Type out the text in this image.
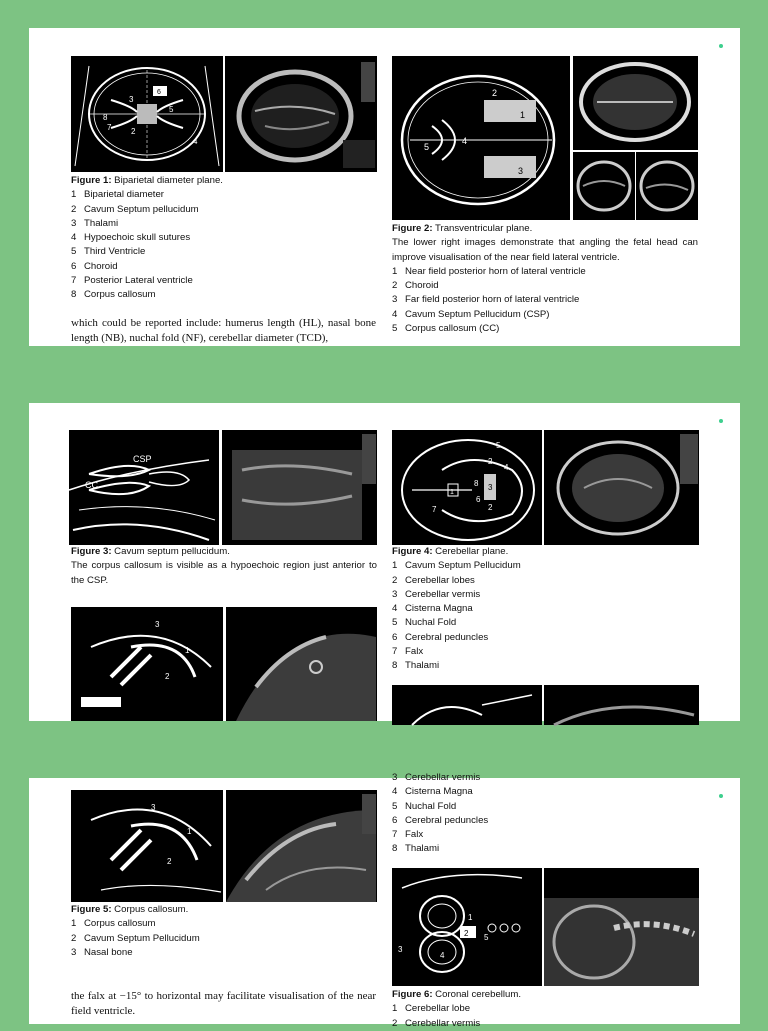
3
5
8
2
4
6
7
Figure 1: Biparietal diameter plane.
1 Biparietal diameter
2 Cavum Septum pellucidum
3 Thalami
4 Hypoechoic skull sutures
5 Third Ventricle
6 Choroid
7 Posterior Lateral ventricle
8 Corpus callosum
which could be reported include: humerus length (HL), nasal bone length (NB), nuchal fold (NF), cerebellar diameter (TCD),
2
1
3
4
5
Figure 2: Transventricular plane.
The lower right images demonstrate that angling the fetal head can improve visualisation of the near field lateral ventricle.
1 Near field posterior horn of lateral ventricle
2 Choroid
3 Far field posterior horn of lateral ventricle
4 Cavum Septum Pellucidum (CSP)
5 Corpus callosum (CC)
CSP
CC
Figure 3: Cavum septum pellucidum.
The corpus callosum is visible as a hypoechoic region just anterior to the CSP.
3
1
2
5
4
2
3
8
6
2
1
7
Figure 4: Cerebellar plane.
1 Cavum Septum Pellucidum
2 Cerebellar lobes
3 Cerebellar vermis
4 Cisterna Magna
5 Nuchal Fold
6 Cerebral peduncles
7 Falx
8 Thalami
3 Cerebellar vermis
4 Cisterna Magna
5 Nuchal Fold
6 Cerebral peduncles
7 Falx
8 Thalami
3
1
2
Figure 5: Corpus callosum.
1 Corpus callosum
2 Cavum Septum Pellucidum
3 Nasal bone
the falx at −15° to horizontal may facilitate visualisation of the near field ventricle.
1
2
3
4
5
Figure 6: Coronal cerebellum.
1 Cerebellar lobe
2 Cerebellar vermis
